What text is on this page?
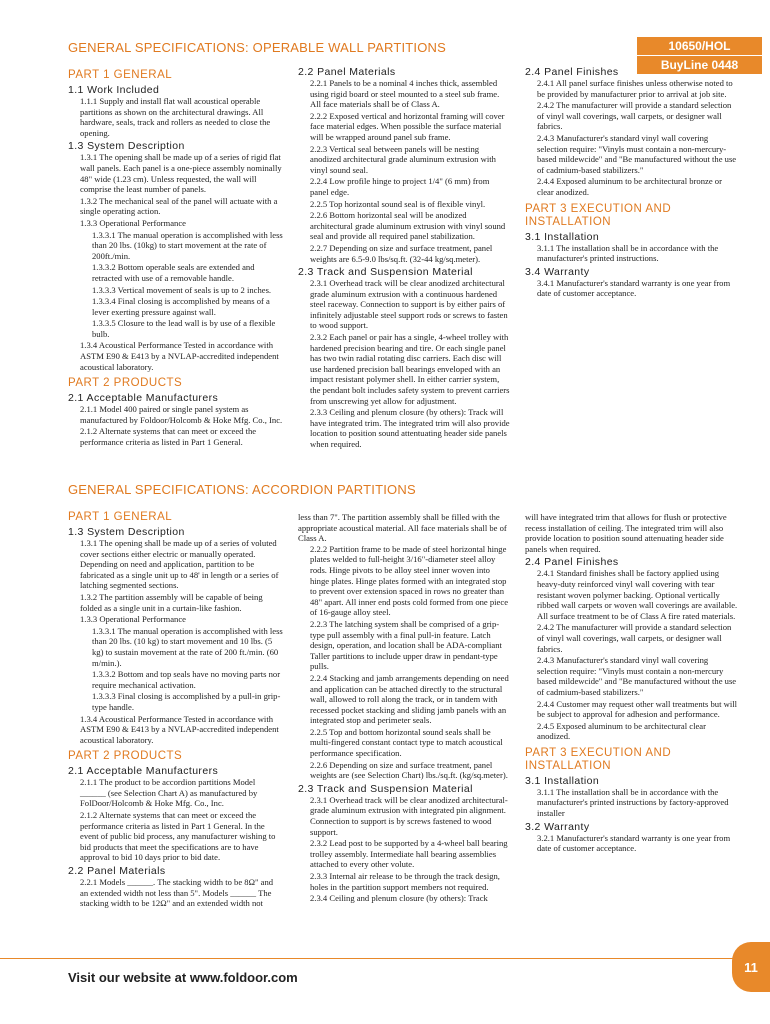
10650/HOL
BuyLine 0448
GENERAL SPECIFICATIONS: OPERABLE WALL PARTITIONS
PART 1 GENERAL
1.1 Work Included
1.1.1 Supply and install flat wall acoustical operable partitions as shown on the architectural drawings. All hardware, seals, track and rollers as needed to close the opening.
1.3 System Description
1.3.1 The opening shall be made up of a series of rigid flat wall panels. Each panel is a one-piece assembly nominally 48" wide (1.23 cm). Unless requested, the wall will comprise the least number of panels.
1.3.2 The mechanical seal of the panel will actuate with a single operating action.
1.3.3 Operational Performance
1.3.3.1 The manual operation is accomplished with less than 20 lbs. (10kg) to start movement at the rate of 200ft./min.
1.3.3.2 Bottom operable seals are extended and retracted with use of a removable handle.
1.3.3.3 Vertical movement of seals is up to 2 inches.
1.3.3.4 Final closing is accomplished by means of a lever exerting pressure against wall.
1.3.3.5 Closure to the lead wall is by use of a flexible bulb.
1.3.4 Acoustical Performance Tested in accordance with ASTM E90 & E413 by a NVLAP-accredited independent acoustical laboratory.
PART 2 PRODUCTS
2.1 Acceptable Manufacturers
2.1.1 Model 400 paired or single panel system as manufactured by Foldoor/Holcomb & Hoke Mfg. Co., Inc.
2.1.2 Alternate systems that can meet or exceed the performance criteria as listed in Part 1 General.
2.2 Panel Materials
2.2.1 Panels to be a nominal 4 inches thick, assembled using rigid board or steel mounted to a steel sub frame. All face materials shall be of Class A.
2.2.2 Exposed vertical and horizontal framing will cover face material edges. When possible the surface material will be wrapped around panel sub frame.
2.2.3 Vertical seal between panels will be nesting anodized architectural grade aluminum extrusion with vinyl sound seal.
2.2.4 Low profile hinge to project 1/4" (6 mm) from panel edge.
2.2.5 Top horizontal sound seal is of flexible vinyl.
2.2.6 Bottom horizontal seal will be anodized architectural grade aluminum extrusion with vinyl sound seal and provide all required panel stabilization.
2.2.7 Depending on size and surface treatment, panel weights are 6.5-9.0 lbs/sq.ft. (32-44 kg/sq.meter).
2.3 Track and Suspension Material
2.3.1 Overhead track will be clear anodized architectural grade aluminum extrusion with a continuous hardened steel raceway. Connection to support is by either pairs of infinitely adjustable steel support rods or screws to fasten to wood support.
2.3.2 Each panel or pair has a single, 4-wheel trolley with hardened precision bearing and tire. Or each single panel has two twin radial rotating disc carriers. Each disc will use hardened precision ball bearings enveloped with an impact resistant polymer shell. In either carrier system, the pendant bolt includes safety system to prevent carriers from unscrewing yet allow for adjustment.
2.3.3 Ceiling and plenum closure (by others): Track will have integrated trim. The integrated trim will also provide location to position sound attentuating header side panels when required.
2.4 Panel Finishes
2.4.1 All panel surface finishes unless otherwise noted to be provided by manufacturer prior to arrival at job site.
2.4.2 The manufacturer will provide a standard selection of vinyl wall coverings, wall carpets, or designer wall fabrics.
2.4.3 Manufacturer's standard vinyl wall covering selection require: "Vinyls must contain a non-mercury-based mildewcide" and "Be manufactured without the use of cadmium-based stabilizers."
2.4.4 Exposed aluminum to be architectural bronze or clear anodized.
PART 3 EXECUTION AND INSTALLATION
3.1 Installation
3.1.1 The installation shall be in accordance with the manufacturer's printed instructions.
3.4 Warranty
3.4.1 Manufacturer's standard warranty is one year from date of customer acceptance.
GENERAL SPECIFICATIONS: ACCORDION PARTITIONS
PART 1 GENERAL
1.3 System Description
1.3.1 The opening shall be made up of a series of voluted cover sections either electric or manually operated. Depending on need and application, partition to be fabricated as a single unit up to 48' in length or a series of latching segmented sections.
1.3.2 The partition assembly will be capable of being folded as a single unit in a curtain-like fashion.
1.3.3 Operational Performance
1.3.3.1 The manual operation is accomplished with less than 20 lbs. (10 kg) to start movement and 10 lbs. (5 kg) to sustain movement at the rate of 200 ft./min. (60 m/min.).
1.3.3.2 Bottom and top seals have no moving parts nor require mechanical activation.
1.3.3.3 Final closing is accomplished by a pull-in grip-type handle.
1.3.4 Acoustical Performance Tested in accordance with ASTM E90 & E413 by a NVLAP-accredited independent acoustical laboratory.
PART 2 PRODUCTS
2.1 Acceptable Manufacturers
2.1.1 The product to be accordion partitions Model ______ (see Selection Chart A) as manufactured by FolDoor/Holcomb & Hoke Mfg. Co., Inc.
2.1.2 Alternate systems that can meet or exceed the performance criteria as listed in Part 1 General. In the event of public bid process, any manufacturer wishing to bid products that meet the specifications are to have approval to bid 10 days prior to bid date.
2.2 Panel Materials
2.2.1 Models ______. The stacking width to be 8Ω" and an extended width not less than 5". Models ______ The stacking width to be 12Ω" and an extended width not
less than 7". The partition assembly shall be filled with the appropriate acoustical material. All face materials shall be of Class A.
2.2.2 Partition frame to be made of steel horizontal hinge plates welded to full-height 3/16"-diameter steel alloy rods. Hinge pivots to be alloy steel inner woven into hinge plates. Hinge plates formed with an integrated stop to prevent over extension spaced in rows no greater than 48" apart. All inner end posts cold formed from one piece of 16-gauge alloy steel.
2.2.3 The latching system shall be comprised of a grip-type pull assembly with a final pull-in feature. Latch design, operation, and location shall be ADA-compliant Taller partitions to include upper draw in pendant-type pulls.
2.2.4 Stacking and jamb arrangements depending on need and application can be attached directly to the structural wall, allowed to roll along the track, or in tandem with recessed pocket stacking and sliding jamb panels with an integrated stop and perimeter seals.
2.2.5 Top and bottom horizontal sound seals shall be multi-fingered constant contact type to match acoustical performance specification.
2.2.6 Depending on size and surface treatment, panel weights are (see Selection Chart) lbs./sq.ft. (kg/sq.meter).
2.3 Track and Suspension Material
2.3.1 Overhead track will be clear anodized architectural-grade aluminum extrusion with integrated pin alignment. Connection to support is by screws fastened to wood support.
2.3.2 Lead post to be supported by a 4-wheel ball bearing trolley assembly. Intermediate hall bearing assemblies attached to every other volute.
2.3.3 Internal air release to be through the track design, holes in the partition support members not required.
2.3.4 Ceiling and plenum closure (by others): Track
will have integrated trim that allows for flush or protective recess installation of ceiling. The integrated trim will also provide location to position sound attenuating header side panels when required.
2.4 Panel Finishes
2.4.1 Standard finishes shall be factory applied using heavy-duty reinforced vinyl wall covering with tear resistant woven polymer backing. Optional vertically ribbed wall carpets or woven wall coverings are available. All surface treatment to be of Class A fire rated materials.
2.4.2 The manufacturer will provide a standard selection of vinyl wall coverings, wall carpets, or designer wall fabrics.
2.4.3 Manufacturer's standard vinyl wall covering selection require: "Vinyls must contain a non-mercury based mildewcide" and "Be manufactured without the use of cadmium-based stabilizers."
2.4.4 Customer may request other wall treatments but will be subject to approval for adhesion and performance.
2.4.5 Exposed aluminum to be architectural clear anodized.
PART 3 EXECUTION AND INSTALLATION
3.1 Installation
3.1.1 The installation shall be in accordance with the manufacturer's printed instructions by factory-approved installer
3.2 Warranty
3.2.1 Manufacturer's standard warranty is one year from date of customer acceptance.
Visit our website at www.foldoor.com
11
